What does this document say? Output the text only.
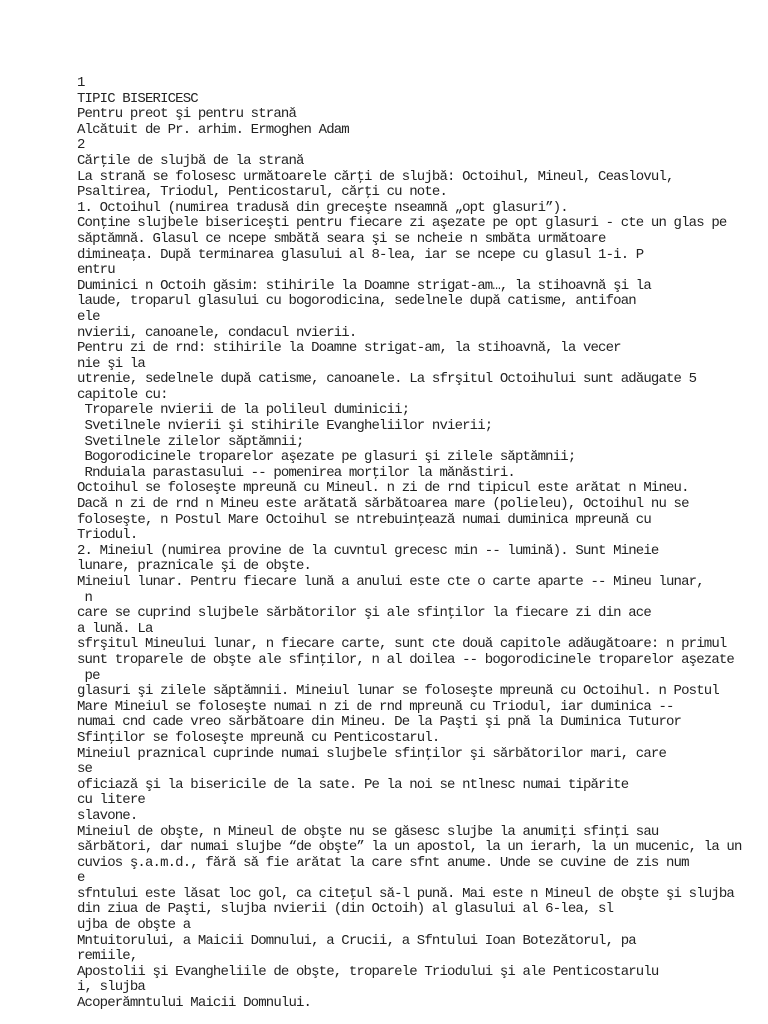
1
TIPIC BISERICESC
Pentru preot şi pentru strană
Alcătuit de Pr. arhim. Ermoghen Adam
2
Cărţile de slujbă de la strană
La strană se folosesc următoarele cărţi de slujbă: Octoihul, Mineul, Ceaslovul,
Psaltirea, Triodul, Penticostarul, cărţi cu note.
1. Octoihul (numirea tradusă din greceşte nseamnă „opt glasuri”).
Conţine slujbele bisericeşti pentru fiecare zi aşezate pe opt glasuri - cte un glas pe
săptămnă. Glasul ce ncepe smbătă seara şi se ncheie n smbăta următoare
dimineaţa. După terminarea glasului al 8-lea, iar se ncepe cu glasul 1-i. P
entru
Duminici n Octoih găsim: stihirile la Doamne strigat-am…, la stihoavnă şi la
laude, troparul glasului cu bogorodicina, sedelnele după catisme, antifoan
ele
nvierii, canoanele, condacul nvierii.
Pentru zi de rnd: stihirile la Doamne strigat-am, la stihoavnă, la vecer
nie şi la
utrenie, sedelnele după catisme, canoanele. La sfrşitul Octoihului sunt adăugate 5
capitole cu:
Troparele nvierii de la polileul duminicii;
Svetilnele nvierii şi stihirile Evangheliilor nvierii;
Svetilnele zilelor săptămnii;
Bogorodicinele troparelor aşezate pe glasuri şi zilele săptămnii;
Rnduiala parastasului -- pomenirea morţilor la mănăstiri.
Octoihul se foloseşte mpreună cu Mineul. n zi de rnd tipicul este arătat n Mineu.
Dacă n zi de rnd n Mineu este arătată sărbătoarea mare (polieleu), Octoihul nu se
foloseşte, n Postul Mare Octoihul se ntrebuinţează numai duminica mpreună cu
Triodul.
2. Mineiul (numirea provine de la cuvntul grecesc min -- lumină). Sunt Mineie
lunare, praznicale şi de obşte.
Mineiul lunar. Pentru fiecare lună a anului este cte o carte aparte -- Mineu lunar,
n
care se cuprind slujbele sărbătorilor şi ale sfinţilor la fiecare zi din ace
a lună. La
sfrşitul Mineului lunar, n fiecare carte, sunt cte două capitole adăugătoare: n primul
sunt troparele de obşte ale sfinţilor, n al doilea -- bogorodicinele troparelor aşezate
pe
glasuri şi zilele săptămnii. Mineiul lunar se foloseşte mpreună cu Octoihul. n Postul
Mare Mineiul se foloseşte numai n zi de rnd mpreună cu Triodul, iar duminica --
numai cnd cade vreo sărbătoare din Mineu. De la Paşti şi pnă la Duminica Tuturor
Sfinţilor se foloseşte mpreună cu Penticostarul.
Mineiul praznical cuprinde numai slujbele sfinţilor şi sărbătorilor mari, care
se
oficiază şi la bisericile de la sate. Pe la noi se ntlnesc numai tipărite
cu litere
slavone.
Mineiul de obşte, n Mineul de obşte nu se găsesc slujbe la anumiţi sfinţi sau
sărbători, dar numai slujbe “de obşte” la un apostol, la un ierarh, la un mucenic, la un
cuvios ş.a.m.d., fără să fie arătat la care sfnt anume. Unde se cuvine de zis num
e
sfntului este lăsat loc gol, ca citeţul să-l pună. Mai este n Mineul de obşte şi slujba
din ziua de Paşti, slujba nvierii (din Octoih) al glasului al 6-lea, sl
ujba de obşte a
Mntuitorului, a Maicii Domnului, a Crucii, a Sfntului Ioan Botezătorul, pa
remiile,
Apostolii şi Evangheliile de obşte, troparele Triodului şi ale Penticostarulu
i, slujba
Acoperămntului Maicii Domnului.
